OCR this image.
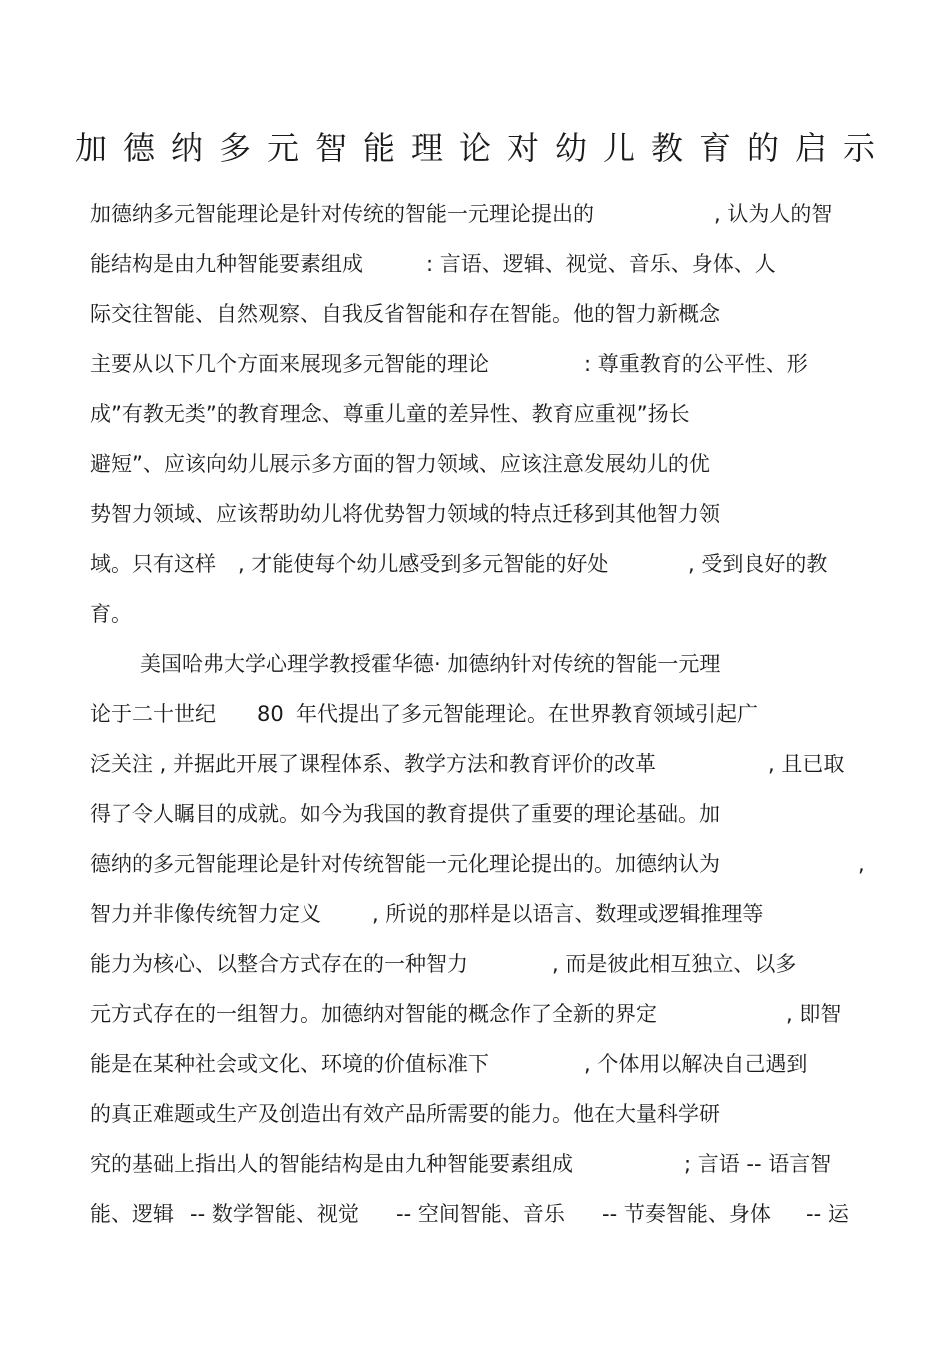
加德纳多元智能理论对幼儿教育的启示
加德纳多元智能理论是针对传统的智能一元理论提出的	, 认为人的智
能结构是由九种智能要素组成	: 言语、逻辑、视觉、音乐、身体、人
际交往智能、自然观察、自我反省智能和存在智能。他的智力新概念
主要从以下几个方面来展现多元智能的理论	: 尊重教育的公平性、形
成”有教无类”的教育理念、尊重儿童的差异性、教育应重视”扬长
避短”、应该向幼儿展示多方面的智力领域、应该注意发展幼儿的优
势智力领域、应该帮助幼儿将优势智力领域的特点迁移到其他智力领
域。只有这样 , 才能使每个幼儿感受到多元智能的好处	, 受到良好的教
育。
美国哈弗大学心理学教授霍华德· 加德纳针对传统的智能一元理
论于二十世纪 80 年代提出了多元智能理论。在世界教育领域引起广
泛关注 , 并据此开展了课程体系、教学方法和教育评价的改革	, 且已取
得了令人瞩目的成就。如今为我国的教育提供了重要的理论基础。加
德纳的多元智能理论是针对传统智能一元化理论提出的。加德纳认为	,
智力并非像传统智力定义 , 所说的那样是以语言、数理或逻辑推理等
能力为核心、以整合方式存在的一种智力	, 而是彼此相互独立、以多
元方式存在的一组智力。加德纳对智能的概念作了全新的界定	, 即智
能是在某种社会或文化、环境的价值标准下	, 个体用以解决自己遇到
的真正难题或生产及创造出有效产品所需要的能力。他在大量科学研
究的基础上指出人的智能结构是由九种智能要素组成	; 言语 -- 语言智
能、逻辑 -- 数学智能、视觉 -- 空间智能、音乐 -- 节奏智能、身体 -- 运
